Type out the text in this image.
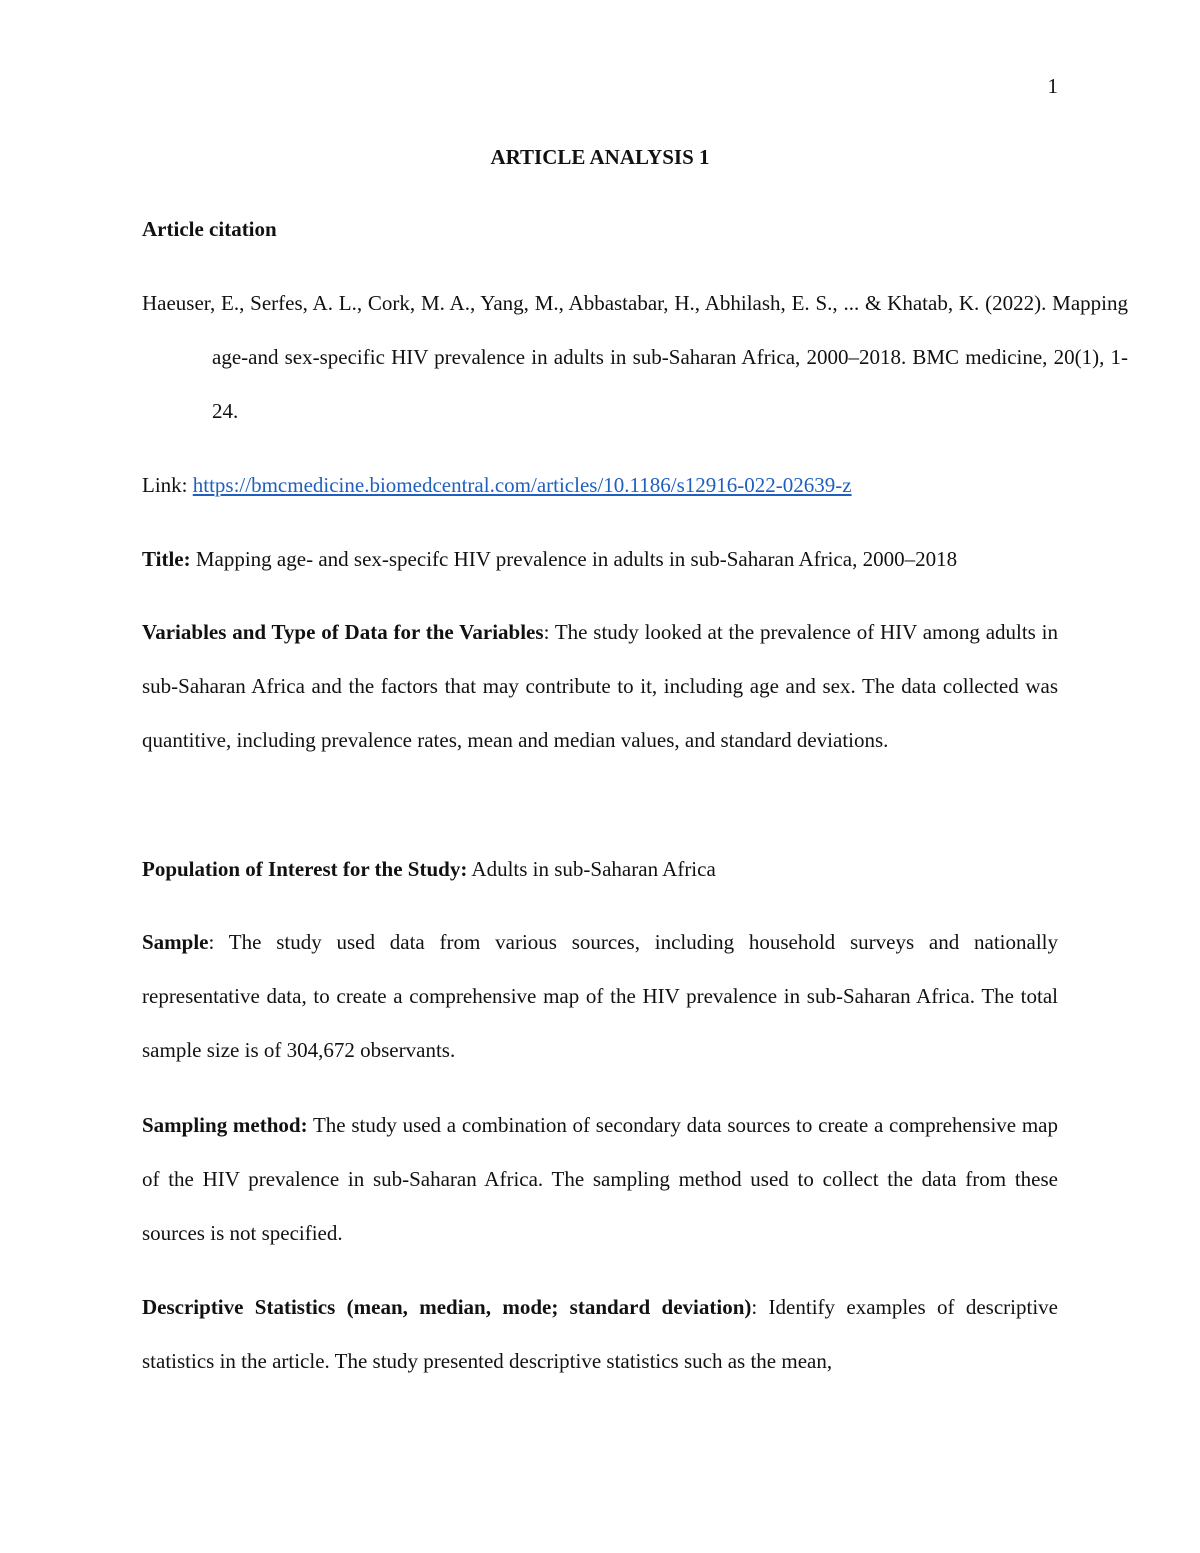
1
ARTICLE ANALYSIS 1
Article citation
Haeuser, E., Serfes, A. L., Cork, M. A., Yang, M., Abbastabar, H., Abhilash, E. S., ... & Khatab, K. (2022). Mapping age-and sex-specific HIV prevalence in adults in sub-Saharan Africa, 2000–2018. BMC medicine, 20(1), 1-24.
Link: https://bmcmedicine.biomedcentral.com/articles/10.1186/s12916-022-02639-z
Title: Mapping age- and sex-specifc HIV prevalence in adults in sub-Saharan Africa, 2000–2018
Variables and Type of Data for the Variables: The study looked at the prevalence of HIV among adults in sub-Saharan Africa and the factors that may contribute to it, including age and sex. The data collected was quantitive, including prevalence rates, mean and median values, and standard deviations.
Population of Interest for the Study: Adults in sub-Saharan Africa
Sample: The study used data from various sources, including household surveys and nationally representative data, to create a comprehensive map of the HIV prevalence in sub-Saharan Africa. The total sample size is of 304,672 observants.
Sampling method: The study used a combination of secondary data sources to create a comprehensive map of the HIV prevalence in sub-Saharan Africa. The sampling method used to collect the data from these sources is not specified.
Descriptive Statistics (mean, median, mode; standard deviation): Identify examples of descriptive statistics in the article. The study presented descriptive statistics such as the mean,
